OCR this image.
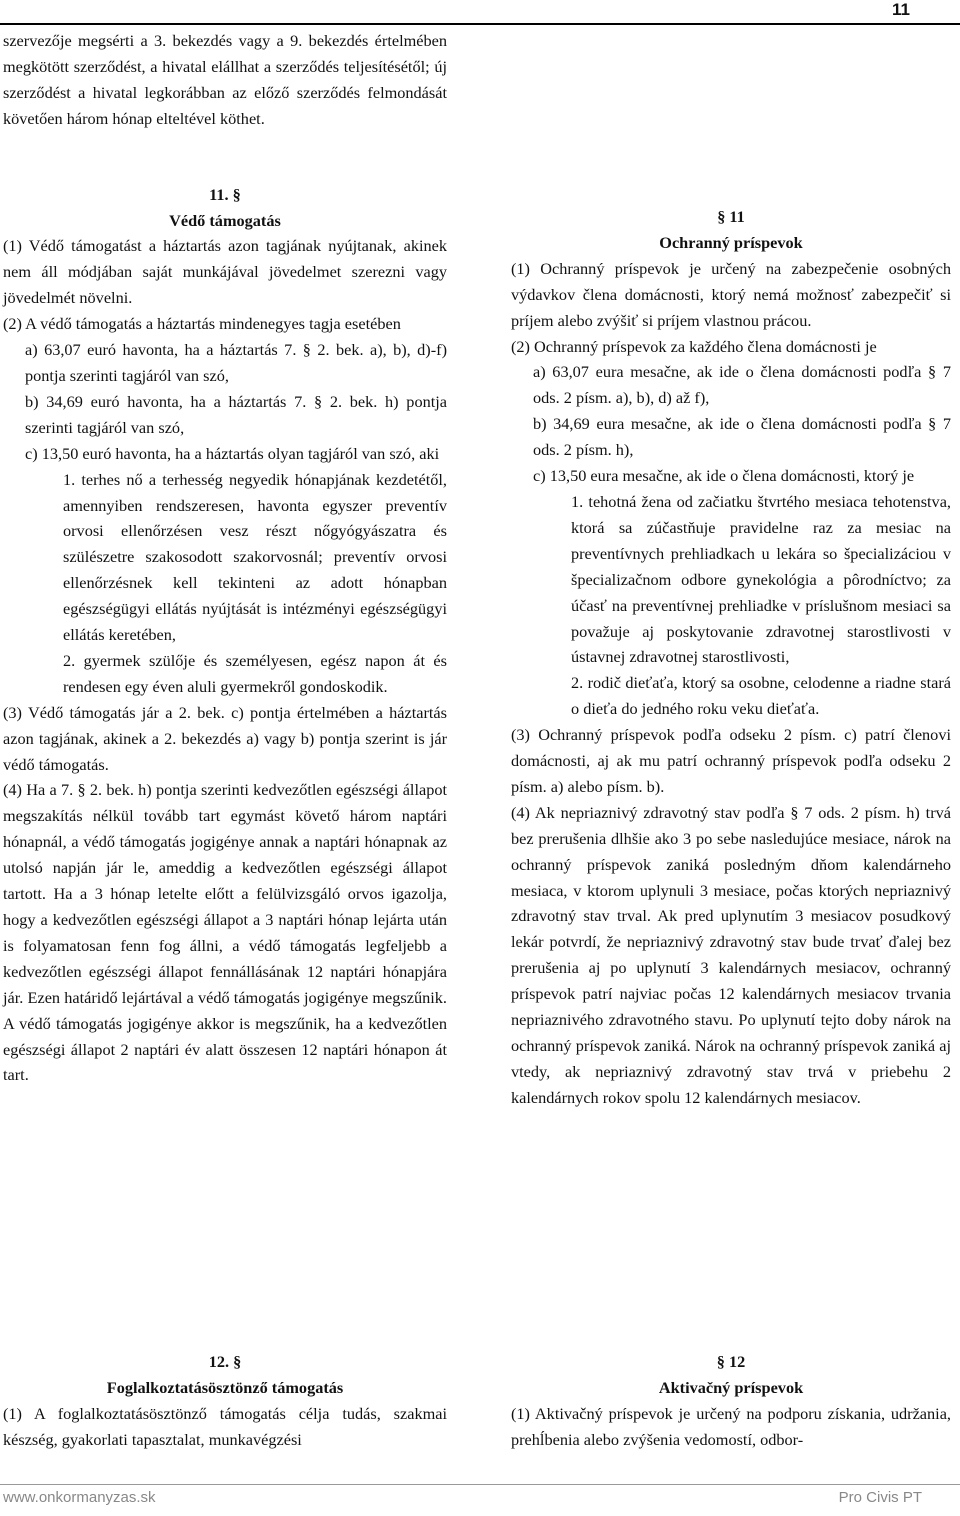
11

szervezője megsérti a 3. bekezdés vagy a 9. bekezdés értelmében megkötött szerződést, a hivatal elállhat a szerződés teljesítésétől; új szerződést a hivatal legkorábban az előző szerződés felmondását követően három hónap elteltével köthet.

11. §

Védő támogatás

(1) Védő támogatást a háztartás azon tagjának nyújtanak, akinek nem áll módjában saját munkájával jövedelmet szerezni vagy jövedelmét növelni.

(2) A védő támogatás a háztartás mindenegyes tagja esetében

a) 63,07 euró havonta, ha a háztartás 7. § 2. bek. a), b), d)-f) pontja szerinti tagjáról van szó,

b) 34,69 euró havonta, ha a háztartás 7. § 2. bek. h) pontja szerinti tagjáról van szó,

c) 13,50 euró havonta, ha a háztartás olyan tagjáról van szó, aki

1. terhes nő a terhesség negyedik hónapjának kezdetétől, amennyiben rendszeresen, havonta egyszer preventív orvosi ellenőrzésen vesz részt nőgyógyászatra és szülészetre szakosodott szakorvosnál; preventív orvosi ellenőrzésnek kell tekinteni az adott hónapban egészségügyi ellátás nyújtását is intézményi egészségügyi ellátás keretében,

2. gyermek szülője és személyesen, egész napon át és rendesen egy éven aluli gyermekről gondoskodik.

(3) Védő támogatás jár a 2. bek. c) pontja értelmében a háztartás azon tagjának, akinek a 2. bekezdés a) vagy b) pontja szerint is jár védő támogatás.

(4) Ha a 7. § 2. bek. h) pontja szerinti kedvezőtlen egészségi állapot megszakítás nélkül tovább tart egymást követő három naptári hónapnál, a védő támogatás jogigénye annak a naptári hónapnak az utolsó napján jár le, ameddig a kedvezőtlen egészségi állapot tartott. Ha a 3 hónap letelte előtt a felülvizsgáló orvos igazolja, hogy a kedvezőtlen egészségi állapot a 3 naptári hónap lejárta után is folyamatosan fenn fog állni, a védő támogatás legfeljebb a kedvezőtlen egészségi állapot fennállásának 12 naptári hónapjára jár. Ezen határidő lejártával a védő támogatás jogigénye megszűnik. A védő támogatás jogigénye akkor is megszűnik, ha a kedvezőtlen egészségi állapot 2 naptári év alatt összesen 12 naptári hónapon át tart.

12. §

Foglalkoztatásösztönző támogatás

(1) A foglalkoztatásösztönző támogatás célja tudás, szakmai készség, gyakorlati tapasztalat, munkavégzési

§ 11

Ochranný príspevok

(1) Ochranný príspevok je určený na zabezpečenie osobných výdavkov člena domácnosti, ktorý nemá možnosť zabezpečiť si príjem alebo zvýšiť si príjem vlastnou prácou.

(2) Ochranný príspevok za každého člena domácnosti je

a) 63,07 eura mesačne, ak ide o člena domácnosti podľa § 7 ods. 2 písm. a), b), d) až f),

b) 34,69 eura mesačne, ak ide o člena domácnosti podľa § 7 ods. 2 písm. h),

c) 13,50 eura mesačne, ak ide o člena domácnosti, ktorý je

1. tehotná žena od začiatku štvrtého mesiaca tehotenstva, ktorá sa zúčastňuje pravidelne raz za mesiac na preventívnych prehliadkach u lekára so špecializáciou v špecializačnom odbore gynekológia a pôrodníctvo; za účasť na preventívnej prehliadke v príslušnom mesiaci sa považuje aj poskytovanie zdravotnej starostlivosti v ústavnej zdravotnej starostlivosti,

2. rodič dieťaťa, ktorý sa osobne, celodenne a riadne stará o dieťa do jedného roku veku dieťaťa.

(3) Ochranný príspevok podľa odseku 2 písm. c) patrí členovi domácnosti, aj ak mu patrí ochranný príspevok podľa odseku 2 písm. a) alebo písm. b).

(4) Ak nepriaznivý zdravotný stav podľa § 7 ods. 2 písm. h) trvá bez prerušenia dlhšie ako 3 po sebe nasledujúce mesiace, nárok na ochranný príspevok zaniká posledným dňom kalendárneho mesiaca, v ktorom uplynuli 3 mesiace, počas ktorých nepriaznivý zdravotný stav trval. Ak pred uplynutím 3 mesiacov posudkový lekár potvrdí, že nepriaznivý zdravotný stav bude trvať ďalej bez prerušenia aj po uplynutí 3 kalendárnych mesiacov, ochranný príspevok patrí najviac počas 12 kalendárnych mesiacov trvania nepriaznivého zdravotného stavu. Po uplynutí tejto doby nárok na ochranný príspevok zaniká. Nárok na ochranný príspevok zaniká aj vtedy, ak nepriaznivý zdravotný stav trvá v priebehu 2 kalendárnych rokov spolu 12 kalendárnych mesiacov.

§ 12

Aktivačný príspevok

(1) Aktivačný príspevok je určený na podporu získania, udržania, prehĺbenia alebo zvýšenia vedomostí, odbor-

www.onkormanyzas.sk	Pro Civis PT
